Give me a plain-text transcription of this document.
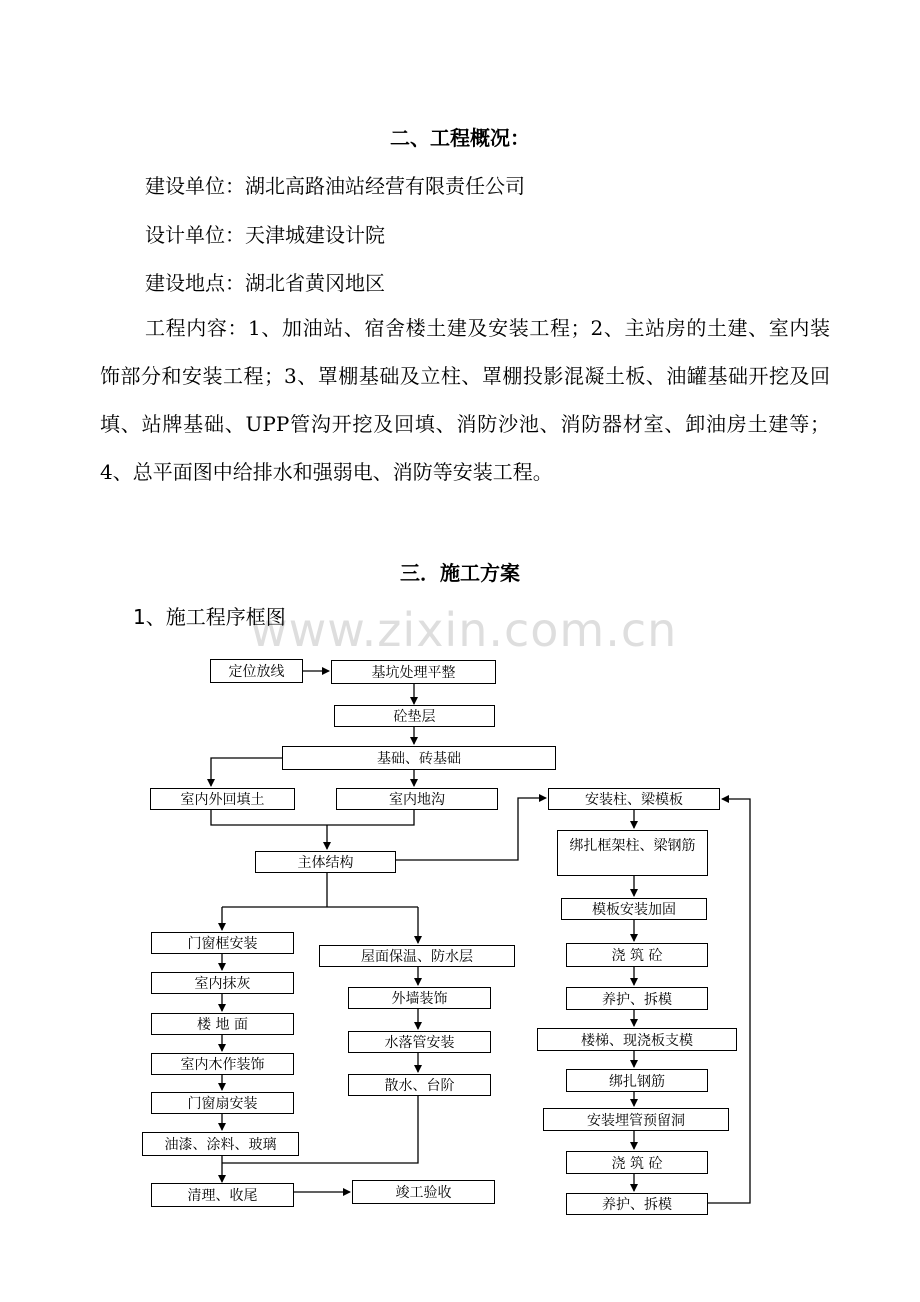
二、工程概况：
建设单位：湖北高路油站经营有限责任公司
设计单位：天津城建设计院
建设地点：湖北省黄冈地区
工程内容：1、加油站、宿舍楼土建及安装工程；2、主站房的土建、室内装饰部分和安装工程；3、罩棚基础及立柱、罩棚投影混凝土板、油罐基础开挖及回填、站牌基础、UPP管沟开挖及回填、消防沙池、消防器材室、卸油房土建等；4、总平面图中给排水和强弱电、消防等安装工程。
三．施工方案
www.zixin.com.cn
1、施工程序框图
定位放线	基坑处理平整
砼垫层
基础、砖基础
室内外回填土	室内地沟
主体结构
门窗框安装
室内抹灰
楼 地 面
室内木作装饰
门窗扇安装
油漆、涂料、玻璃
清理、收尾	竣工验收
屋面保温、防水层
外墙装饰
水落管安装
散水、台阶
安装柱、梁模板
绑扎框架柱、梁钢筋
模板安装加固
浇 筑 砼
养护、拆模
楼梯、现浇板支模
绑扎钢筋
安装埋管预留洞
浇 筑 砼
养护、拆模
